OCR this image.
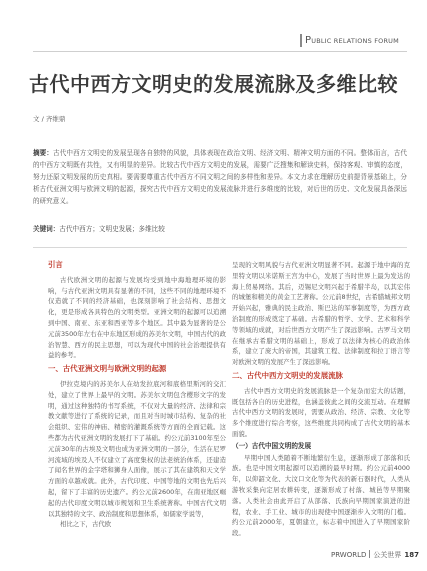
PUBLIC RELATIONS FORUM
古代中西方文明史的发展流脉及多维比较
文 / 齐维鼎
摘要：古代中西方文明史的发展呈现各自独特的风貌，具体表现在政治文明、经济文明、精神文明方面的不同。整体而言，古代的中西方文明既有共性，又有明显的差异。比较古代中西方文明史的发展，需要广泛搜集和解读史料，保持客观、审慎的态度，努力还原文明发展的历史真相。要需要尊重古代中西方不同文明之间的多样性和差异。本文力求在理解历史前提背景基础上，分析古代亚洲文明与欧洲文明的起源，探究古代中西方文明史的发展流脉并进行多维度的比较，对后世的历史、文化发展具备深远的研究意义。
关键词：古代中西方；文明史发展；多维比较
引言

古代欧洲文明的起源与发展均受到地中海地理环境的影响，与古代亚洲文明具有显著的不同，这些不同的地理环境不仅造就了不同的经济基础，也深刻影响了社会结构、思想文化，更是形成各具特色的文明类型。亚洲文明的起源可以追溯到中国、南亚、东亚和西亚等多个地区。其中最为显著的是公元前3500年左右在中东地区形成的苏美尔文明，中国古代的政治智慧、西方的民主思想，可以为现代中国的社会治理提供有益的参考。

一、古代亚洲文明与欧洲文明的起源

伊拉克境内的苏美尔人在幼发拉底河和底格里斯河的交汇处，建立了世界上最早的文明。苏美尔文明包含樱形文字的发明，通过这种独特的书写系统，不仅对大量的经济、法律和宗教文献等进行了系统的记录，而且对当时城市结构、复杂的社会组织、宏伟的神庙、精密的灌溉系统等方面的全面记载。这些都为古代亚洲文明的发展打下了基础。约公元前3100年至公元前30年的古埃及文明也成为亚洲文明的一部分，生活在尼罗河流域的埃及人不仅建立了高度集权的法老统治体系，还建造了闻名世界的金字塔和狮身人面像，展示了其在建筑和天文学方面的卓越成就。此外，古代印度、中国等地的文明也先后兴起，留下了丰富的历史遗产。约公元前2600年，在南亚地区崛起的古代印度文明以城市规划和卫生系统著称。中国古代文明以其独特的文字、政治制度和思想体系，如儒家学说等，

相比之下，古代欧

呈现的文明风貌与古代亚洲文明显著不同。起源于地中海的克里特文明以米诺斯王宫为中心，发展了当时世界上最为发达的海上贸易网络。其后，迈锡尼文明兴起于希腊半岛，以其宏伟的城堡和精美的黄金工艺著称。公元前8世纪，古希腊城邦文明开始兴起，雅典的民主政治、斯巴达的军事制度等，为西方政治制度的形成奠定了基础。古希腊的哲学、文学、艺术和科学等领域的成就，对后世西方文明产生了深远影响。古罗马文明在继承古希腊文明的基础上，形成了以法律为核心的政治体系，建立了庞大的帝国，其建筑工程、法律制度和拉丁语言等对欧洲文明的发展产生了深远影响。

二、古代中西方文明史的发展流脉

古代中西方文明史的发展流脉是一个复杂而宏大的话题，既包括各自的历史进程，也涵盖彼此之间的交流互动。在理解古代中西方文明的发展时，需要从政治、经济、宗教、文化等多个维度进行综合考察，这些维度共同构成了古代文明的基本面貌。

（一）古代中国文明的发展

早期中国人类随着不断地繁衍生息，逐渐形成了部落和氏族。也是中国文明起源可以追溯的最早时期。约公元前4000年，以仰韶文化、大汶口文化等为代表的新石器时代，人类从游牧采集向定居农耕转变，逐渐形成了村落、城邑等早期聚落。人类社会由此开启了从部落、氏族向早期国家演进的进程，农业、手工业、城市的出现使中国逐渐步入文明的门槛。约公元前2000年，夏朝建立，标志着中国进入了早期国家阶段。

PRWORLD 公关世界 187
